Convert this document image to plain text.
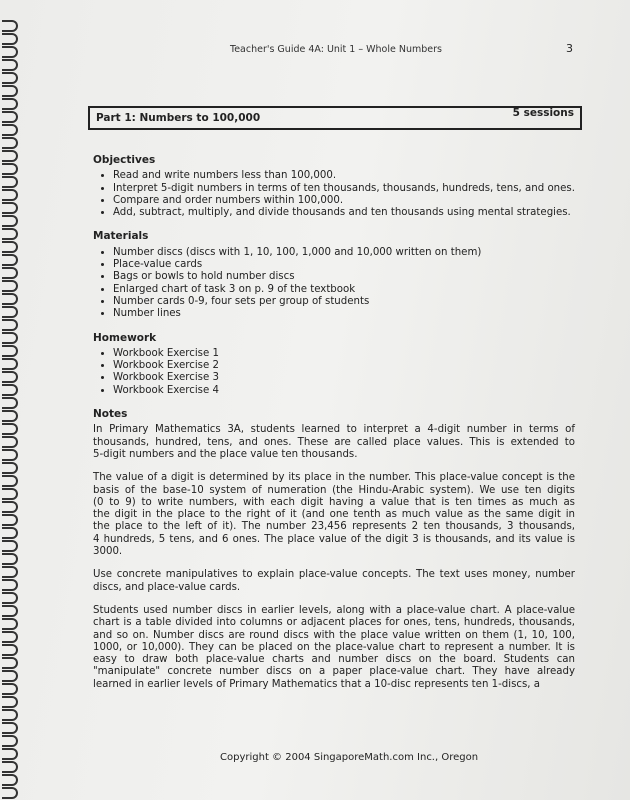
Teacher's Guide 4A: Unit 1 – Whole Numbers	3
Part 1: Numbers to 100,000	5 sessions
Objectives
• Read and write numbers less than 100,000.
• Interpret 5-digit numbers in terms of ten thousands, thousands, hundreds, tens, and ones.
• Compare and order numbers within 100,000.
• Add, subtract, multiply, and divide thousands and ten thousands using mental strategies.
Materials
• Number discs (discs with 1, 10, 100, 1,000 and 10,000 written on them)
• Place-value cards
• Bags or bowls to hold number discs
• Enlarged chart of task 3 on p. 9 of the textbook
• Number cards 0-9, four sets per group of students
• Number lines
Homework
• Workbook Exercise 1
• Workbook Exercise 2
• Workbook Exercise 3
• Workbook Exercise 4
Notes
In Primary Mathematics 3A, students learned to interpret a 4-digit number in terms of
thousands, hundred, tens, and ones. These are called place values. This is extended to
5-digit numbers and the place value ten thousands.
The value of a digit is determined by its place in the number. This place-value concept is the
basis of the base-10 system of numeration (the Hindu-Arabic system). We use ten digits
(0 to 9) to write numbers, with each digit having a value that is ten times as much as
the digit in the place to the right of it (and one tenth as much value as the same digit in
the place to the left of it). The number 23,456 represents 2 ten thousands, 3 thousands,
4 hundreds, 5 tens, and 6 ones. The place value of the digit 3 is thousands, and its value is
3000.
Use concrete manipulatives to explain place-value concepts. The text uses money, number
discs, and place-value cards.
Students used number discs in earlier levels, along with a place-value chart. A place-value
chart is a table divided into columns or adjacent places for ones, tens, hundreds, thousands,
and so on. Number discs are round discs with the place value written on them (1, 10, 100,
1000, or 10,000). They can be placed on the place-value chart to represent a number. It is
easy to draw both place-value charts and number discs on the board. Students can
"manipulate" concrete number discs on a paper place-value chart. They have already
learned in earlier levels of Primary Mathematics that a 10-disc represents ten 1-discs, a
Copyright © 2004 SingaporeMath.com Inc., Oregon
